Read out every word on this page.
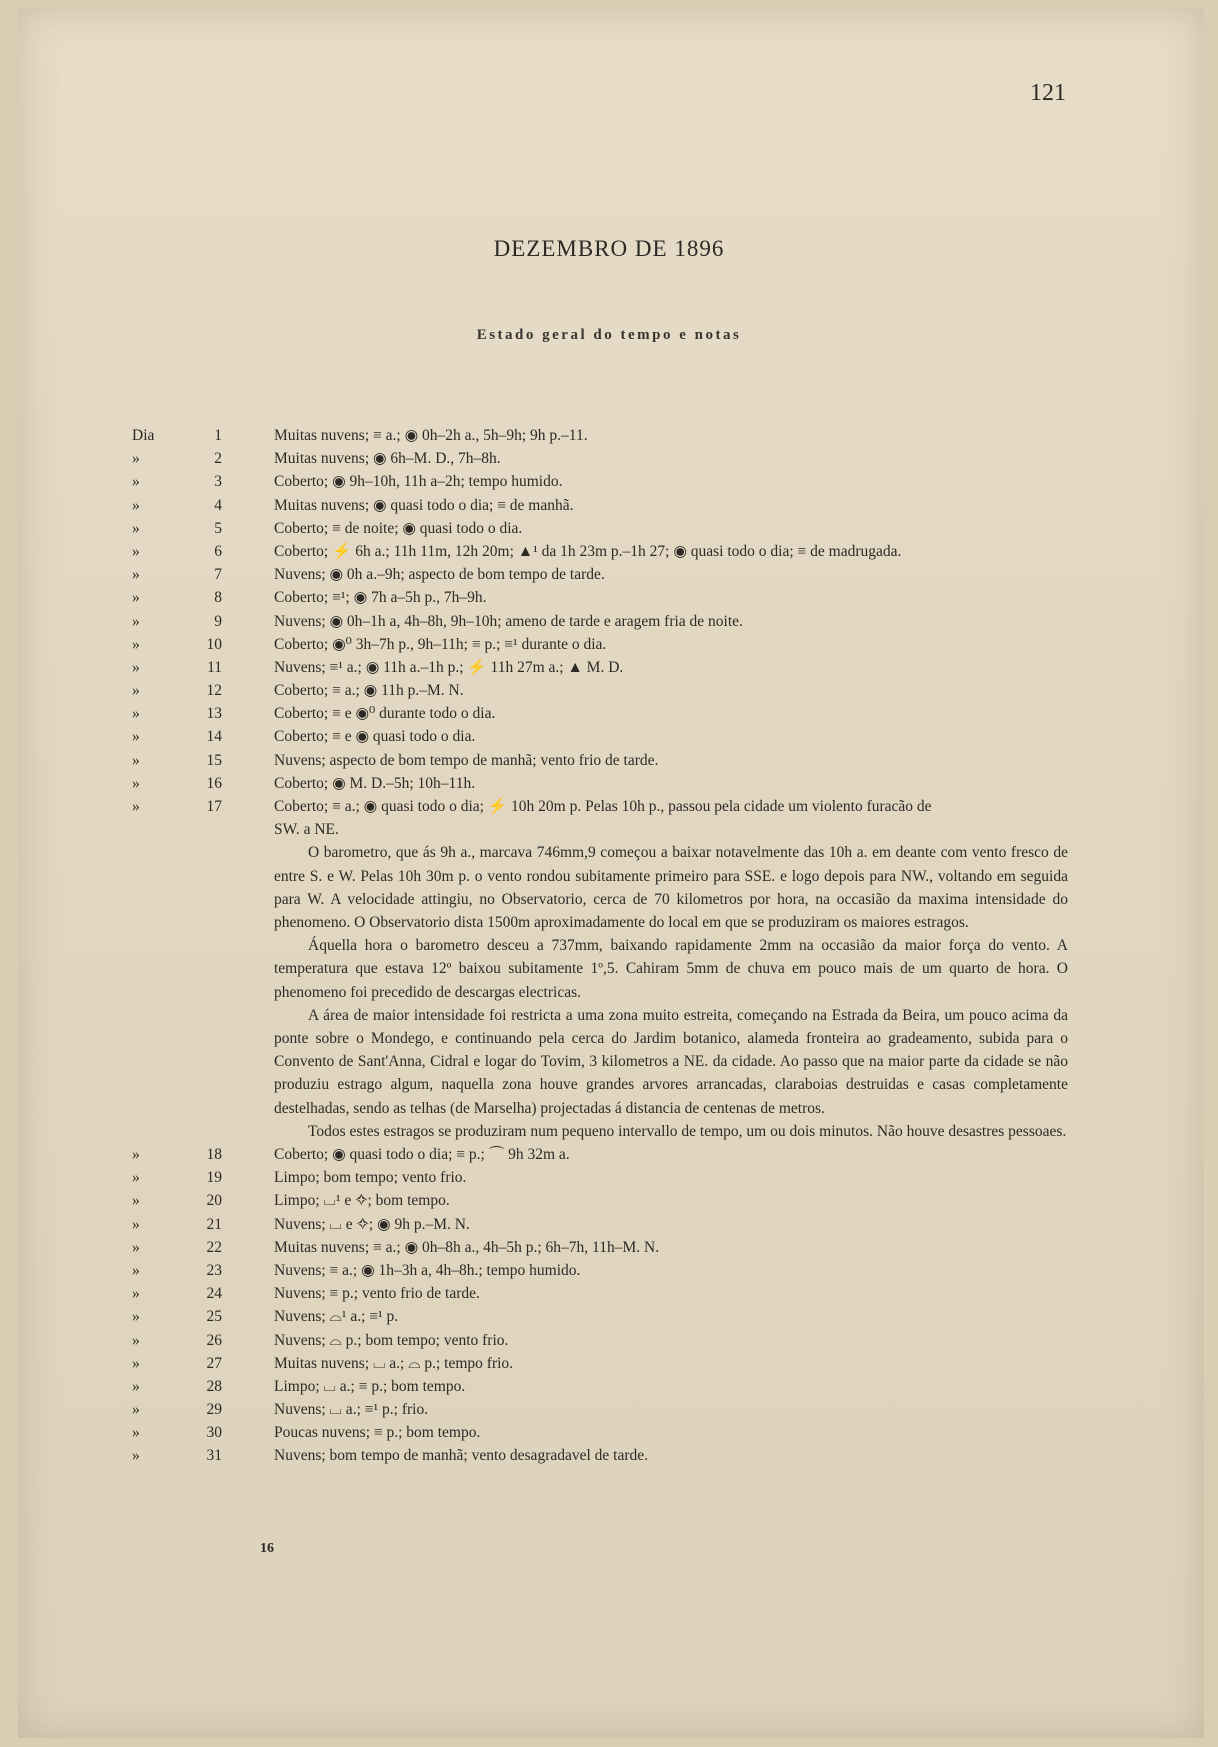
121
DEZEMBRO DE 1896
Estado geral do tempo e notas
Dia	1	Muitas nuvens; ≡ a.; ◉ 0h–2h a., 5h–9h; 9h p.–11.
»	2	Muitas nuvens; ◉ 6h–M. D., 7h–8h.
»	3	Coberto; ◉ 9h–10h, 11h a–2h; tempo humido.
»	4	Muitas nuvens; ◉ quasi todo o dia; ≡ de manhã.
»	5	Coberto; ≡ de noite; ◉ quasi todo o dia.
»	6	Coberto; ⚡ 6h a.; 11h 11m, 12h 20m; ▲¹ da 1h 23m p.–1h 27; ◉ quasi todo o dia; ≡ de madrugada.
»	7	Nuvens; ◉ 0h a.–9h; aspecto de bom tempo de tarde.
»	8	Coberto; ≡¹; ◉ 7h a–5h p., 7h–9h.
»	9	Nuvens; ◉ 0h–1h a, 4h–8h, 9h–10h; ameno de tarde e aragem fria de noite.
»	10	Coberto; ◉⁰ 3h–7h p., 9h–11h; ≡ p.; ≡¹ durante o dia.
»	11	Nuvens; ≡¹ a.; ◉ 11h a.–1h p.; ⚡ 11h 27m a.; ▲ M. D.
»	12	Coberto; ≡ a.; ◉ 11h p.–M. N.
»	13	Coberto; ≡ e ◉⁰ durante todo o dia.
»	14	Coberto; ≡ e ◉ quasi todo o dia.
»	15	Nuvens; aspecto de bom tempo de manhã; vento frio de tarde.
»	16	Coberto; ◉ M. D.–5h; 10h–11h.
»	17	Coberto; ≡ a.; ◉ quasi todo o dia; ⚡ 10h 20m p. Pelas 10h p., passou pela cidade um violento furacão de

SW. a NE.

O barometro, que ás 9h a., marcava 746mm,9 começou a baixar notavelmente das 10h a. em deante com vento fresco de entre S. e W. Pelas 10h 30m p. o vento rondou subitamente primeiro para SSE. e logo depois para NW., voltando em seguida para W. A velocidade attingiu, no Observatorio, cerca de 70 kilometros por hora, na occasião da maxima intensidade do phenomeno. O Observatorio dista 1500m aproximadamente do local em que se produziram os maiores estragos.

Áquella hora o barometro desceu a 737mm, baixando rapidamente 2mm na occasião da maior força do vento. A temperatura que estava 12º baixou subitamente 1º,5. Cahiram 5mm de chuva em pouco mais de um quarto de hora. O phenomeno foi precedido de descargas electricas.

A área de maior intensidade foi restricta a uma zona muito estreita, começando na Estrada da Beira, um pouco acima da ponte sobre o Mondego, e continuando pela cerca do Jardim botanico, alameda fronteira ao gradeamento, subida para o Convento de Sant'Anna, Cidral e logar do Tovim, 3 kilometros a NE. da cidade. Ao passo que na maior parte da cidade se não produziu estrago algum, naquella zona houve grandes arvores arrancadas, claraboias destruidas e casas completamente destelhadas, sendo as telhas (de Marselha) projectadas á distancia de centenas de metros.

Todos estes estragos se produziram num pequeno intervallo de tempo, um ou dois minutos. Não houve desastres pessoaes.

»	18	Coberto; ◉ quasi todo o dia; ≡ p.; ⌒ 9h 32m a.
»	19	Limpo; bom tempo; vento frio.
»	20	Limpo; ⌴¹ e ✧; bom tempo.
»	21	Nuvens; ⌴ e ✧; ◉ 9h p.–M. N.
»	22	Muitas nuvens; ≡ a.; ◉ 0h–8h a., 4h–5h p.; 6h–7h, 11h–M. N.
»	23	Nuvens; ≡ a.; ◉ 1h–3h a, 4h–8h.; tempo humido.
»	24	Nuvens; ≡ p.; vento frio de tarde.
»	25	Nuvens; ⌓¹ a.; ≡¹ p.
»	26	Nuvens; ⌓ p.; bom tempo; vento frio.
»	27	Muitas nuvens; ⌴ a.; ⌓ p.; tempo frio.
»	28	Limpo; ⌴ a.; ≡ p.; bom tempo.
»	29	Nuvens; ⌴ a.; ≡¹ p.; frio.
»	30	Poucas nuvens; ≡ p.; bom tempo.
»	31	Nuvens; bom tempo de manhã; vento desagradavel de tarde.
16
